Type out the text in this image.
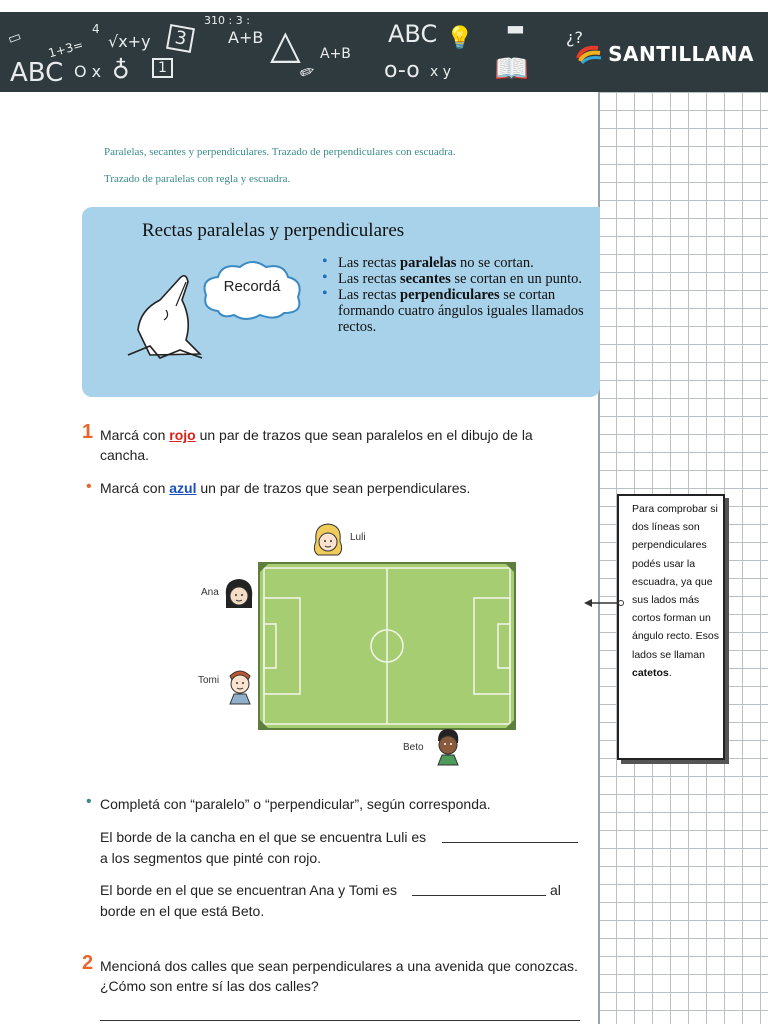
▭ 1+3=
4
√x+y	3
1
310 : 3 :
A+B △ A+B
✏
ABC 💡
o-o x y 📖
▬	¿?
ABC O x ♁
SANTILLANA
Paralelas, secantes y perpendiculares. Trazado de perpendiculares con escuadra.
Trazado de paralelas con regla y escuadra.
Rectas paralelas y perpendiculares
Recordá
• Las rectas paralelas no se cortan.
• Las rectas secantes se cortan en un punto.
• Las rectas perpendiculares se cortan formando cuatro ángulos iguales llamados rectos.
1 Marcá con rojo un par de trazos que sean paralelos en el dibujo de la cancha.
• Marcá con azul un par de trazos que sean perpendiculares.
Luli
Ana
Tomi
Beto
Para comprobar si dos líneas son perpendiculares podés usar la escuadra, ya que sus lados más cortos forman un ángulo recto. Esos lados se llaman catetos.
• Completá con “paralelo” o “perpendicular”, según corresponda.
El borde de la cancha en el que se encuentra Luli es
a los segmentos que pinté con rojo.
El borde en el que se encuentran Ana y Tomi es	al
borde en el que está Beto.
2 Mencioná dos calles que sean perpendiculares a una avenida que conozcas. ¿Cómo son entre sí las dos calles?
